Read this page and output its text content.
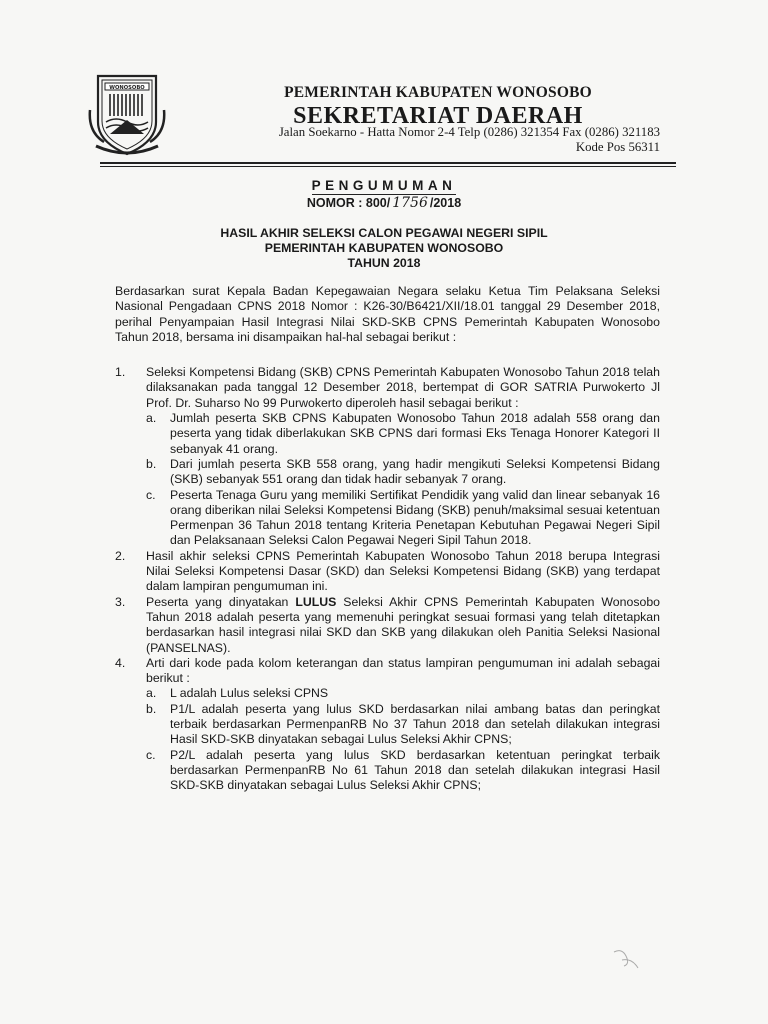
WONOSOBO	PEMERINTAH KABUPATEN WONOSOBO
SEKRETARIAT DAERAH
Jalan Soekarno - Hatta Nomor 2-4 Telp (0286) 321354 Fax (0286) 321183
Kode Pos 56311
PENGUMUMAN
NOMOR : 800/ 1756 /2018
HASIL AKHIR SELEKSI CALON PEGAWAI NEGERI SIPIL
PEMERINTAH KABUPATEN WONOSOBO
TAHUN 2018

Berdasarkan surat Kepala Badan Kepegawaian Negara selaku Ketua Tim Pelaksana Seleksi Nasional Pengadaan CPNS 2018 Nomor : K26-30/B6421/XII/18.01 tanggal 29 Desember 2018, perihal Penyampaian Hasil Integrasi Nilai SKD-SKB CPNS Pemerintah Kabupaten Wonosobo Tahun 2018, bersama ini disampaikan hal-hal sebagai berikut :

1.	Seleksi Kompetensi Bidang (SKB) CPNS Pemerintah Kabupaten Wonosobo Tahun 2018 telah dilaksanakan pada tanggal 12 Desember 2018, bertempat di GOR SATRIA Purwokerto Jl Prof. Dr. Suharso No 99 Purwokerto diperoleh hasil sebagai berikut :
a.	Jumlah peserta SKB CPNS Kabupaten Wonosobo Tahun 2018 adalah 558 orang dan peserta yang tidak diberlakukan SKB CPNS dari formasi Eks Tenaga Honorer Kategori II sebanyak 41 orang.
b.	Dari jumlah peserta SKB 558 orang, yang hadir mengikuti Seleksi Kompetensi Bidang (SKB) sebanyak 551 orang dan tidak hadir sebanyak 7 orang.
c.	Peserta Tenaga Guru yang memiliki Sertifikat Pendidik yang valid dan linear sebanyak 16 orang diberikan nilai Seleksi Kompetensi Bidang (SKB) penuh/maksimal sesuai ketentuan Permenpan 36 Tahun 2018 tentang Kriteria Penetapan Kebutuhan Pegawai Negeri Sipil dan Pelaksanaan Seleksi Calon Pegawai Negeri Sipil Tahun 2018.
2.	Hasil akhir seleksi CPNS Pemerintah Kabupaten Wonosobo Tahun 2018 berupa Integrasi Nilai Seleksi Kompetensi Dasar (SKD) dan Seleksi Kompetensi Bidang (SKB) yang terdapat dalam lampiran pengumuman ini.
3.	Peserta yang dinyatakan LULUS Seleksi Akhir CPNS Pemerintah Kabupaten Wonosobo Tahun 2018 adalah peserta yang memenuhi peringkat sesuai formasi yang telah ditetapkan berdasarkan hasil integrasi nilai SKD dan SKB yang dilakukan oleh Panitia Seleksi Nasional (PANSELNAS).
4.	Arti dari kode pada kolom keterangan dan status lampiran pengumuman ini adalah sebagai berikut :
a.	L adalah Lulus seleksi CPNS
b.	P1/L adalah peserta yang lulus SKD berdasarkan nilai ambang batas dan peringkat terbaik berdasarkan PermenpanRB No 37 Tahun 2018 dan setelah dilakukan integrasi Hasil SKD-SKB dinyatakan sebagai Lulus Seleksi Akhir CPNS;
c.	P2/L adalah peserta yang lulus SKD berdasarkan ketentuan peringkat terbaik berdasarkan PermenpanRB No 61 Tahun 2018 dan setelah dilakukan integrasi Hasil SKD-SKB dinyatakan sebagai Lulus Seleksi Akhir CPNS;
